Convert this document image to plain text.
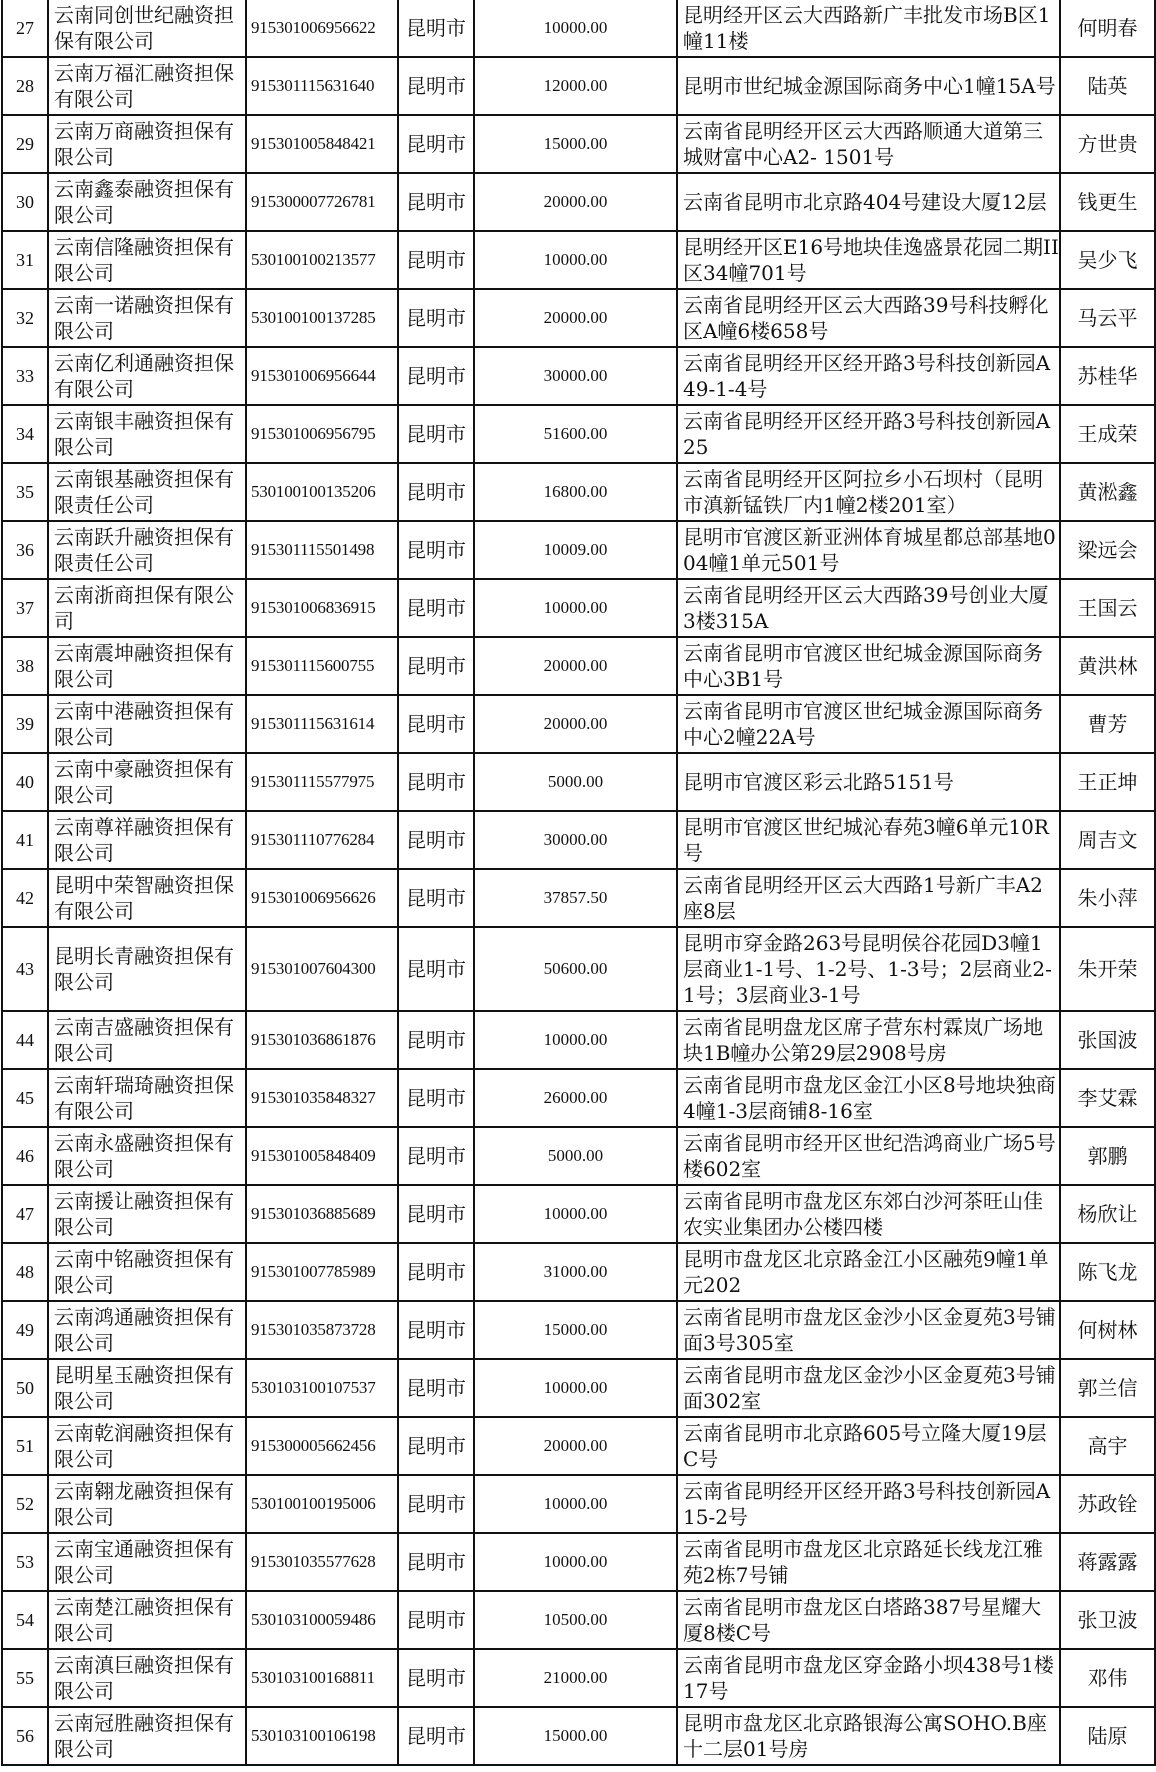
27	云南同创世纪融资担保有限公司	915301006956622	昆明市	10000.00	昆明经开区云大西路新广丰批发市场B区1幢11楼	何明春
28	云南万福汇融资担保有限公司	915301115631640	昆明市	12000.00	昆明市世纪城金源国际商务中心1幢15A号	陆英
29	云南万商融资担保有限公司	915301005848421	昆明市	15000.00	云南省昆明经开区云大西路顺通大道第三城财富中心A2- 1501号	方世贵
30	云南鑫泰融资担保有限公司	915300007726781	昆明市	20000.00	云南省昆明市北京路404号建设大厦12层	钱更生
31	云南信隆融资担保有限公司	530100100213577	昆明市	10000.00	昆明经开区E16号地块佳逸盛景花园二期II区34幢701号	吴少飞
32	云南一诺融资担保有限公司	530100100137285	昆明市	20000.00	云南省昆明经开区云大西路39号科技孵化区A幢6楼658号	马云平
33	云南亿利通融资担保有限公司	915301006956644	昆明市	30000.00	云南省昆明经开区经开路3号科技创新园A49-1-4号	苏桂华
34	云南银丰融资担保有限公司	915301006956795	昆明市	51600.00	云南省昆明经开区经开路3号科技创新园A25	王成荣
35	云南银基融资担保有限责任公司	530100100135206	昆明市	16800.00	云南省昆明经开区阿拉乡小石坝村（昆明市滇新锰铁厂内1幢2楼201室）	黄淞鑫
36	云南跃升融资担保有限责任公司	915301115501498	昆明市	10009.00	昆明市官渡区新亚洲体育城星都总部基地004幢1单元501号	梁远会
37	云南浙商担保有限公司	915301006836915	昆明市	10000.00	云南省昆明经开区云大西路39号创业大厦3楼315A	王国云
38	云南震坤融资担保有限公司	915301115600755	昆明市	20000.00	云南省昆明市官渡区世纪城金源国际商务中心3B1号	黄洪林
39	云南中港融资担保有限公司	915301115631614	昆明市	20000.00	云南省昆明市官渡区世纪城金源国际商务中心2幢22A号	曹芳
40	云南中豪融资担保有限公司	915301115577975	昆明市	5000.00	昆明市官渡区彩云北路5151号	王正坤
41	云南尊祥融资担保有限公司	915301110776284	昆明市	30000.00	昆明市官渡区世纪城沁春苑3幢6单元10R号	周吉文
42	昆明中荣智融资担保有限公司	915301006956626	昆明市	37857.50	云南省昆明经开区云大西路1号新广丰A2座8层	朱小萍
43	昆明长青融资担保有限公司	915301007604300	昆明市	50600.00	昆明市穿金路263号昆明侯谷花园D3幢1层商业1-1号、1-2号、1-3号；2层商业2-1号；3层商业3-1号	朱开荣
44	云南吉盛融资担保有限公司	915301036861876	昆明市	10000.00	云南省昆明盘龙区席子营东村霖岚广场地块1B幢办公第29层2908号房	张国波
45	云南轩瑞琦融资担保有限公司	915301035848327	昆明市	26000.00	云南省昆明市盘龙区金江小区8号地块独商4幢1-3层商铺8-16室	李艾霖
46	云南永盛融资担保有限公司	915301005848409	昆明市	5000.00	云南省昆明市经开区世纪浩鸿商业广场5号楼602室	郭鹏
47	云南援让融资担保有限公司	915301036885689	昆明市	10000.00	云南省昆明市盘龙区东郊白沙河茶旺山佳农实业集团办公楼四楼	杨欣让
48	云南中铭融资担保有限公司	915301007785989	昆明市	31000.00	昆明市盘龙区北京路金江小区融苑9幢1单元202	陈飞龙
49	云南鸿通融资担保有限公司	915301035873728	昆明市	15000.00	云南省昆明市盘龙区金沙小区金夏苑3号铺面3号305室	何树林
50	昆明星玉融资担保有限公司	530103100107537	昆明市	10000.00	云南省昆明市盘龙区金沙小区金夏苑3号铺面302室	郭兰信
51	云南乾润融资担保有限公司	915300005662456	昆明市	20000.00	云南省昆明市北京路605号立隆大厦19层C号	高宇
52	云南翱龙融资担保有限公司	530100100195006	昆明市	10000.00	云南省昆明经开区经开路3号科技创新园A15-2号	苏政铨
53	云南宝通融资担保有限公司	915301035577628	昆明市	10000.00	云南省昆明市盘龙区北京路延长线龙江雅苑2栋7号铺	蒋露露
54	云南楚江融资担保有限公司	530103100059486	昆明市	10500.00	云南省昆明市盘龙区白塔路387号星耀大厦8楼C号	张卫波
55	云南滇巨融资担保有限公司	530103100168811	昆明市	21000.00	云南省昆明市盘龙区穿金路小坝438号1楼17号	邓伟
56	云南冠胜融资担保有限公司	530103100106198	昆明市	15000.00	昆明市盘龙区北京路银海公寓SOHO.B座十二层01号房	陆原
